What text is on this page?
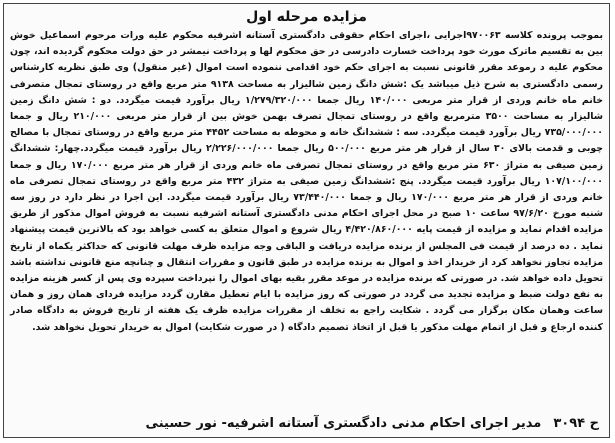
مزایده مرحله اول
بموجب پرونده کلاسه ۹۷۰۰۶۳اجرایی ،اجرای احکام حقوقی دادگستری آستانه اشرفیه محکوم علیه ورات مرحوم اسماعیل خوش بین به تقسیم ماترک مورث خود پرداخت خسارت دادرسی در حق محکوم لها و پرداخت نیمشر در حق دولت محکوم گردیده اند، چون محکوم علیه د رموعد مقرر قانونی نسبت به اجرای حکم خود اقدامی ننموده است اموال (غیر منقول) وی طبق نظریه کارشناس رسمی دادگستری به شرح ذیل میباشد یک :شش دانگ زمین شالیزار به مساحت ۹۱۳۸ متر مربع واقع در روستای تمجال متصرفی خانم ماه خانم وردی از قرار متر مربعی ۱۴۰/۰۰۰ ریال جمعا ۱/۲۷۹/۳۲۰/۰۰۰ ریال برآورد قیمت میگردد. دو : شش دانگ زمین شالیزار به مساحت ۳۵۰۰ مترمربع واقع در روستای تمجال تصرف بهمن خوش بین از قرار متر مربعی ۲۱۰/۰۰۰ ریال و جمعا ۷۳۵/۰۰۰/۰۰۰ ریال برآورد قیمت میگردد. سه : ششدانگ خانه و محوطه به مساحت ۴۴۵۲ متر مربع واقع در روستای تمجال با مصالح چوبی و قدمت بالای ۳۰ سال از قرار هر متر مربع ۵۰۰/۰۰۰ ریال جمعا ۲/۲۲۶/۰۰۰/۰۰۰ ریال برآورد قیمت میگردد.چهار: ششدانگ زمین صیفی به متراژ ۶۳۰ متر مربع واقع در روستای تمجال تصرفی ماه خانم وردی از قرار هر متر مربع ۱۷۰/۰۰۰ ریال و جمعا ۱۰۷/۱۰۰/۰۰۰ ریال برآورد قیمت میگردد. پنج :ششدانگ زمین صیفی به متراژ ۴۳۲ متر مربع واقع در روستای تمجال تصرفی ماه خانم وردی از قرار هر متر مربع ۱۷۰/۰۰۰ ریال و جمعا ۷۳/۴۴۰/۰۰۰ ریال برآورد قیمت میگردد. این اجرا در نظر دارد در روز سه شنبه مورخ ۹۷/۶/۲۰ ساعت ۱۰ صبح در محل اجرای احکام مدنی دادگستری آستانه اشرفیه نسبت به فروش اموال مذکور از طریق مزایده اقدام نماید و مزایده از قیمت پایه ۴/۴۲۰/۸۶۰/۰۰۰ ریال شروع و اموال متعلق به کسی خواهد بود که بالاترین قیمت پیشنهاد نماید . ده درصد از قیمت فی المجلس از برنده مزایده دریافت و الباقی وجه مزایده ظرف مهلت قانونی که حداکثر یکماه از تاریخ مزایده تجاوز نخواهد کرد از خریدار اخذ و اموال به برنده مزایده در طبق قانون و مقررات انتقال و چنانچه منع قانونی نداشته باشد تحویل داده خواهد شد. در صورتی که برنده مزایده در موعد مقرر بقیه بهای اموال را نپرداخت سپرده وی پس از کسر هزینه مزایده به نفع دولت ضبط و مزایده تجدید می گردد در صورتی که روز مزایده با ایام تعطیل مقارن گردد مزایده فردای همان روز و همان ساعت وهمان مکان برگزار می گردد . شکایت راجع به تخلف از مقررات مزایده ظرف یک هفته از تاریخ فروش به دادگاه صادر کننده ارجاع و قبل از اتمام مهلت مذکور یا قبل از اتخاذ تصمیم دادگاه ( در صورت شکایت) اموال به خریدار تحویل نخواهد شد.
ح ۳۰۹۴
مدیر اجرای احکام مدنی دادگستری آستانه اشرفیه- نور حسینی
